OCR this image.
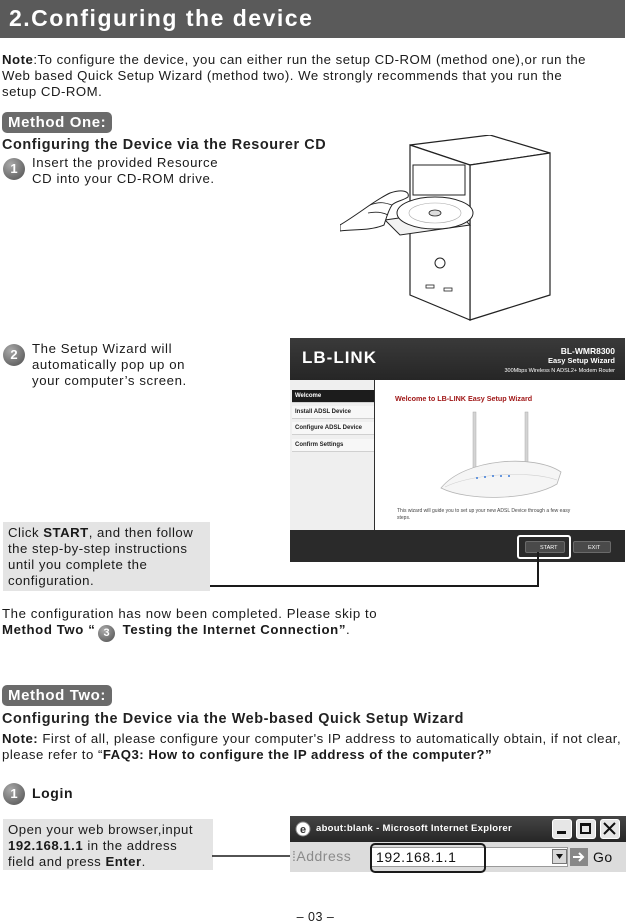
2.Configuring the device
Note:To configure the device, you can either run the setup CD-ROM (method one),or run the
Web based Quick Setup Wizard (method two). We strongly recommends that you run the
setup CD-ROM.
Method One:
Configuring the Device via the Resourer CD
1	Insert the provided Resource
CD into your CD-ROM drive.
2	The Setup Wizard will
automatically pop up on
your computer’s screen.
LB-LINK	BL-WMR8300
Easy Setup Wizard
300Mbps Wireless N ADSL2+ Modem Router
Welcome
Install ADSL Device
Configure ADSL Device
Confirm Settings
Welcome to LB-LINK Easy Setup Wizard
This wizard will guide you to set up your new ADSL Device through a few easy
steps.
START	EXIT
Click START, and then follow
the step-by-step instructions
until you complete the
configuration.
The configuration has now been completed. Please skip to
Method Two “ 3 Testing the Internet Connection”.
Method Two:
Configuring the Device via the Web-based Quick Setup Wizard
Note: First of all, please configure your computer's IP address to automatically obtain, if not clear,
please refer to “FAQ3: How to configure the IP address of the computer?”
1	Login
Open your web browser,input
192.168.1.1 in the address
field and press Enter.
e about:blank - Microsoft Internet Explorer
⁞Address 192.168.1.1	Go
– 03 –
